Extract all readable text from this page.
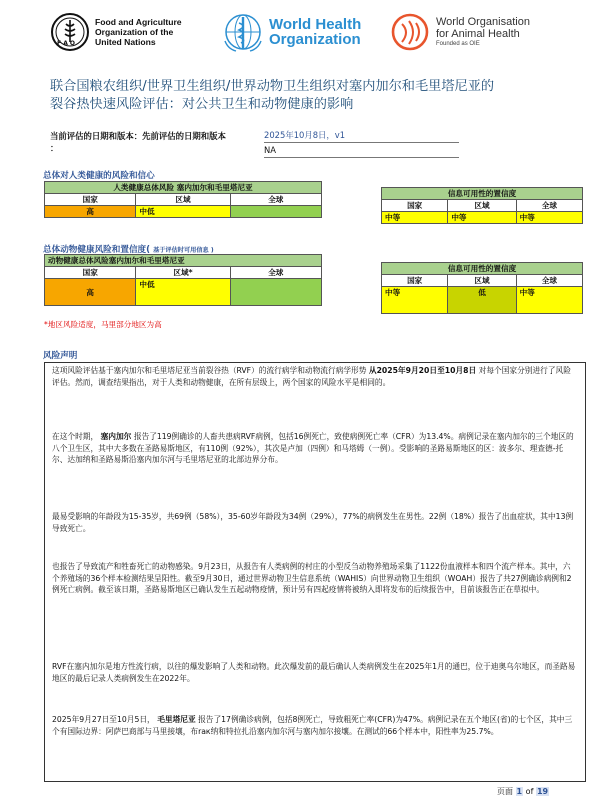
F A O
Food and Agriculture
Organization of the
United Nations
World Health
Organization
World Organisation
for Animal Health
Founded as OIE
联合国粮农组织/世界卫生组织/世界动物卫生组织对塞内加尔和毛里塔尼亚的
裂谷热快速风险评估：对公共卫生和动物健康的影响
当前评估的日期和版本：先前评估的日期和版本
：
2025年10月8日，v1
NA
总体对人类健康的风险和信心
人类健康总体风险 塞内加尔和毛里塔尼亚		
国家	区域	全球
高	中低	
信息可用性的置信度		
国家	区域	全球
中等	中等	中等
总体动物健康风险和置信度( 基于评估时可用信息 )
动物健康总体风险塞内加尔和毛里塔尼亚		
国家	区域*	全球
高	中低	
信息可用性的置信度		
国家	区域	全球
中等	低	中等
*地区风险适度，马里部分地区为高
风险声明
这项风险评估基于塞内加尔和毛里塔尼亚当前裂谷热（RVF）的流行病学和动物流行病学形势 从2025年9月20日至10月8日 对每个国家分别进行了风险评估。然而，调查结果指出，对于人类和动物健康，在所有层级上，两个国家的风险水平是相同的。
在这个时期， 塞内加尔 报告了119例确诊的人畜共患病RVF病例，包括16例死亡，致使病例死亡率（CFR）为13.4%。病例记录在塞内加尔的三个地区的八个卫生区，其中大多数在圣路易斯地区，有110例（92%），其次是卢加（四例）和马塔姆（一例）。受影响的圣路易斯地区的区：波多尔、理查德-托尔、达加纳和圣路易斯沿塞内加尔河与毛里塔尼亚的北部边界分布。
最易受影响的年龄段为15-35岁，共69例（58%），35-60岁年龄段为34例（29%），77%的病例发生在男性。22例（18%）报告了出血症状，其中13例导致死亡。
也报告了导致流产和牲畜死亡的动物感染。9月23日，从报告有人类病例的村庄的小型反刍动物养殖场采集了1122份血液样本和四个流产样本。其中，六个养殖场的36个样本检测结果呈阳性。截至9月30日，通过世界动物卫生信息系统（WAHIS）向世界动物卫生组织（WOAH）报告了共27例确诊病例和2例死亡病例。截至该日期，圣路易斯地区已确认发生五起动物疫情，预计另有四起疫情将被纳入即将发布的后续报告中，目前该报告正在草拟中。
RVF在塞内加尔是地方性流行病，以往的爆发影响了人类和动物。此次爆发前的最后确认人类病例发生在2025年1月的通巴，位于迪奥乌尔地区，而圣路易地区的最后记录人类病例发生在2022年。
2025年9月27日至10月5日， 毛里塔尼亚 报告了17例确诊病例，包括8例死亡，导致粗死亡率(CFR)为47%。病例记录在五个地区(省)的七个区，其中三个有国际边界：阿萨巴商部与马里接壤，布raк纳和特拉扎沿塞内加尔河与塞内加尔接壤。在测试的66个样本中，阳性率为25.7%。
页面 1 of 19
